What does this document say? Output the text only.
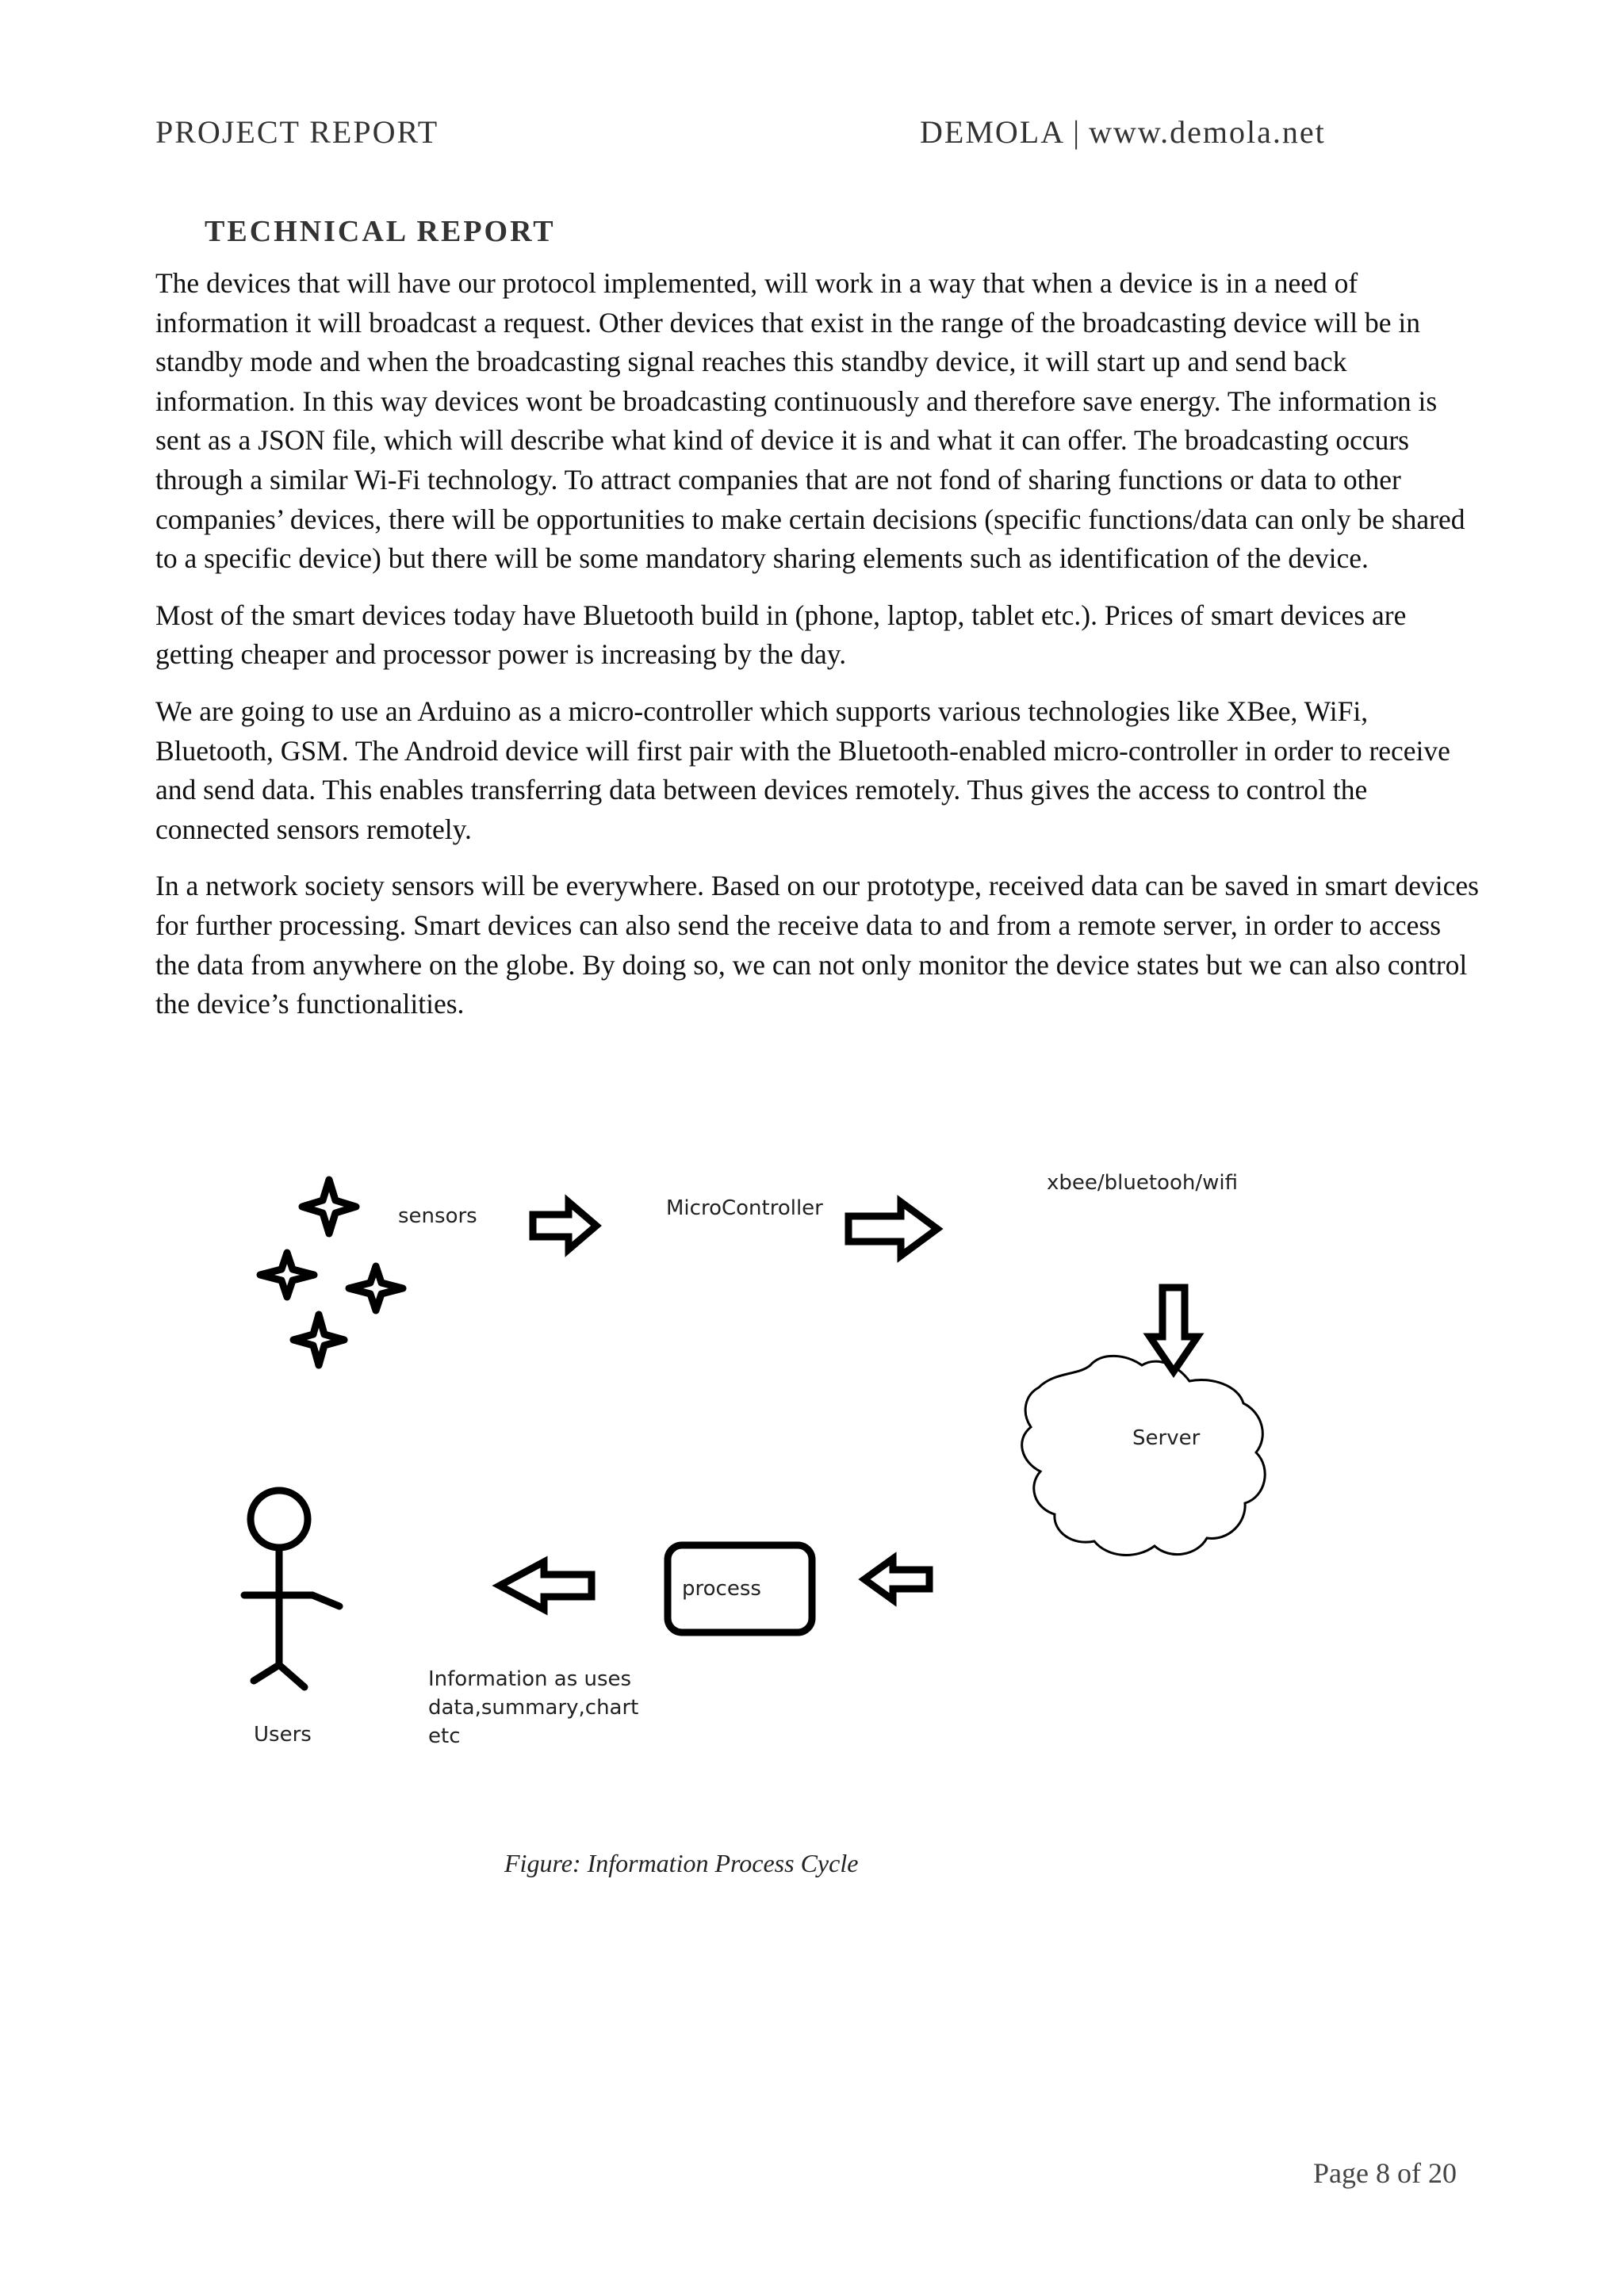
PROJECT REPORT	DEMOLA | www.demola.net
TECHNICAL REPORT

The devices that will have our protocol implemented, will work in a way that when a device is in a need of information it will broadcast a request. Other devices that exist in the range of the broadcasting device will be in standby mode and when the broadcasting signal reaches this standby device, it will start up and send back information. In this way devices wont be broadcasting continuously and therefore save energy. The information is sent as a JSON file, which will describe what kind of device it is and what it can offer. The broadcasting occurs through a similar Wi-Fi technology. To attract companies that are not fond of sharing functions or data to other companies’ devices, there will be opportunities to make certain decisions (specific functions/data can only be shared to a specific device) but there will be some mandatory sharing elements such as identification of the device.

Most of the smart devices today have Bluetooth build in (phone, laptop, tablet etc.). Prices of smart devices are getting cheaper and processor power is increasing by the day.

We are going to use an Arduino as a micro-controller which supports various technologies like XBee, WiFi, Bluetooth, GSM. The Android device will first pair with the Bluetooth-enabled micro-controller in order to receive and send data. This enables transferring data between devices remotely. Thus gives the access to control the connected sensors remotely.

In a network society sensors will be everywhere. Based on our prototype, received data can be saved in smart devices for further processing. Smart devices can also send the receive data to and from a remote server, in order to access the data from anywhere on the globe. By doing so, we can not only monitor the device states but we can also control the device’s functionalities.

sensors	MicroController
xbee/bluetooh/wifi
Server
process
Users
Information as uses
data,summary,chart
etc
Figure: Information Process Cycle
Page 8 of 20
